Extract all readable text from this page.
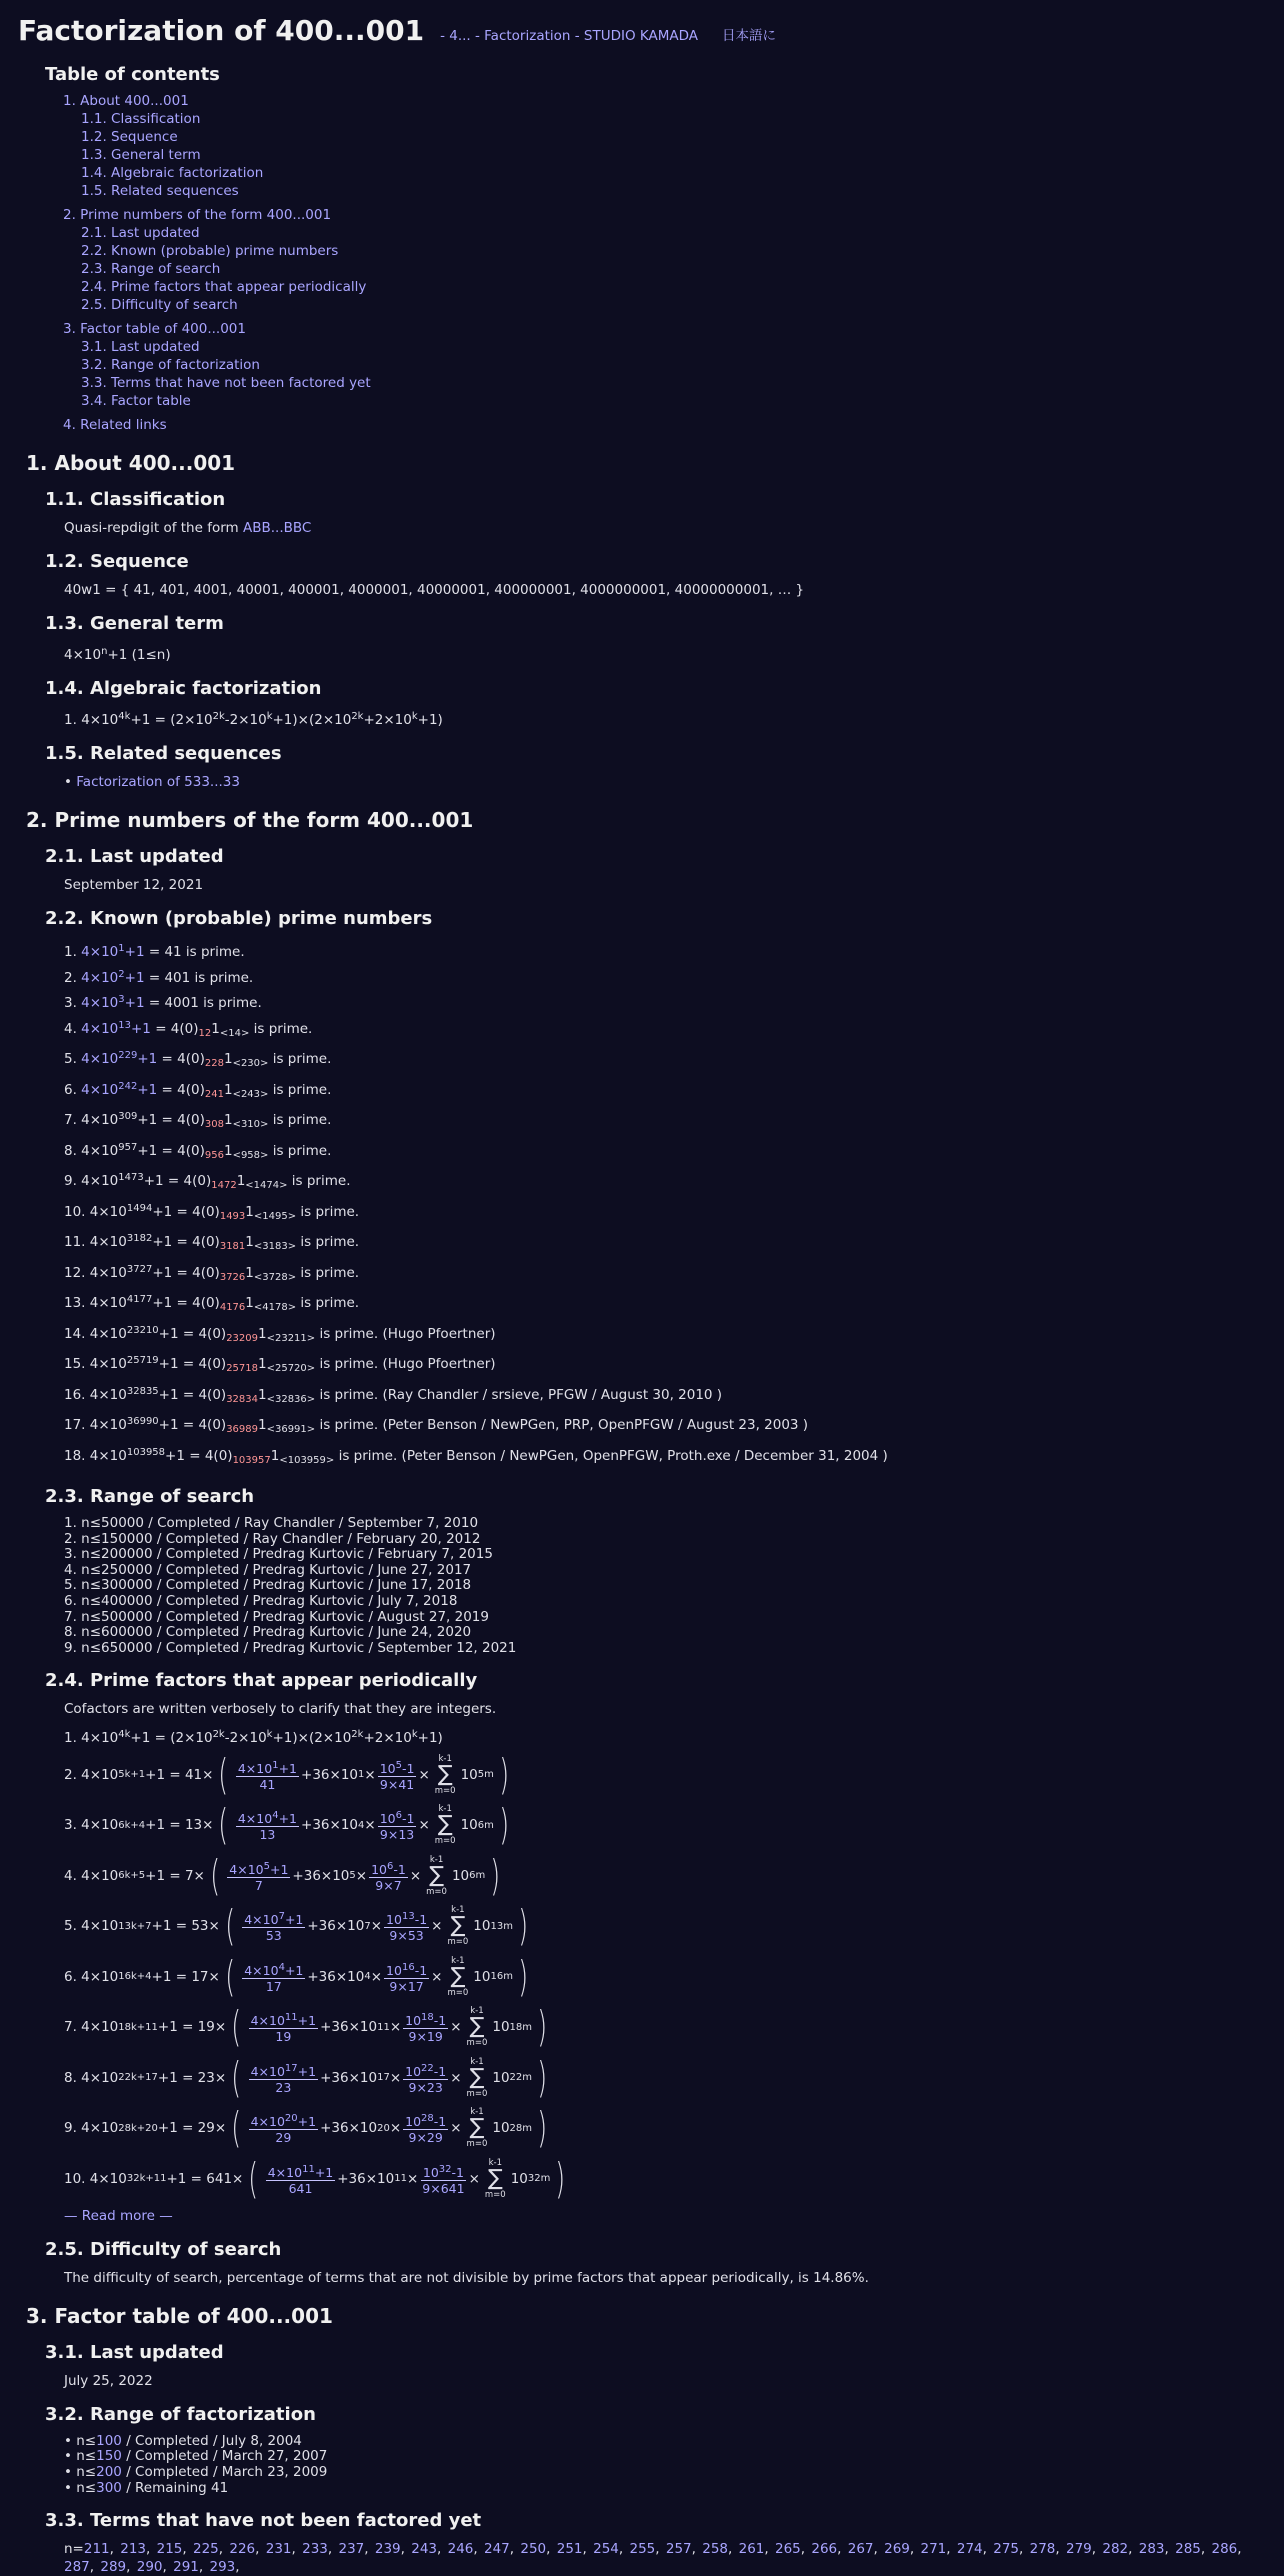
Factorization of 400...001 - 4... - Factorization - STUDIO KAMADA 日本語に
Table of contents
1. About 400...001
1.1. Classification
1.2. Sequence
1.3. General term
1.4. Algebraic factorization
1.5. Related sequences
2. Prime numbers of the form 400...001
2.1. Last updated
2.2. Known (probable) prime numbers
2.3. Range of search
2.4. Prime factors that appear periodically
2.5. Difficulty of search
3. Factor table of 400...001
3.1. Last updated
3.2. Range of factorization
3.3. Terms that have not been factored yet
3.4. Factor table
4. Related links
1. About 400...001
1.1. Classification
Quasi-repdigit of the form ABB...BBC
1.2. Sequence
40w1 = { 41, 401, 4001, 40001, 400001, 4000001, 40000001, 400000001, 4000000001, 40000000001, … }
1.3. General term
$4\times 10^n+1$ (1≤n)
1.4. Algebraic factorization
1. $4\times 10^{4k}+1 = (2\times 10^{2k}-2\times 10^k+1)\times(2\times 10^{2k}+2\times 10^k+1)$
1.5. Related sequences
• Factorization of 533...33
2. Prime numbers of the form 400...001
2.1. Last updated
September 12, 2021
2.2. Known (probable) prime numbers
1. $4\times 10^1+1 = 41$ is prime.
2. $4\times 10^2+1 = 401$ is prime.
3. $4\times 10^3+1 = 4001$ is prime.
4. $4\times 10^{13}+1 = 4(0)_{12}1_{<14>}$ is prime.
5. $4\times 10^{229}+1 = 4(0)_{228}1_{<230>}$ is prime.
6. $4\times 10^{242}+1 = 4(0)_{241}1_{<243>}$ is prime.
7. $4\times 10^{309}+1 = 4(0)_{308}1_{<310>}$ is prime.
8. $4\times 10^{957}+1 = 4(0)_{956}1_{<958>}$ is prime.
9. $4\times 10^{1473}+1 = 4(0)_{1472}1_{<1474>}$ is prime.
10. $4\times 10^{1494}+1 = 4(0)_{1493}1_{<1495>}$ is prime.
11. $4\times 10^{3182}+1 = 4(0)_{3181}1_{<3183>}$ is prime.
12. $4\times 10^{3727}+1 = 4(0)_{3726}1_{<3728>}$ is prime.
13. $4\times 10^{4177}+1 = 4(0)_{4176}1_{<4178>}$ is prime.
14. $4\times 10^{23210}+1 = 4(0)_{23209}1_{<23211>}$ is prime. (Hugo Pfoertner)
15. $4\times 10^{25719}+1 = 4(0)_{25718}1_{<25720>}$ is prime. (Hugo Pfoertner)
16. $4\times 10^{32835}+1 = 4(0)_{32834}1_{<32836>}$ is prime. (Ray Chandler / srsieve, PFGW / August 30, 2010 )
17. $4\times 10^{36990}+1 = 4(0)_{36989}1_{<36991>}$ is prime. (Peter Benson / NewPGen, PRP, OpenPFGW / August 23, 2003 )
18. $4\times 10^{103958}+1 = 4(0)_{103957}1_{<103959>}$ is prime. (Peter Benson / NewPGen, OpenPFGW, Proth.exe / December 31, 2004 )
2.3. Range of search
1. n≤50000 / Completed / Ray Chandler / September 7, 2010
2. n≤150000 / Completed / Ray Chandler / February 20, 2012
3. n≤200000 / Completed / Predrag Kurtovic / February 7, 2015
4. n≤250000 / Completed / Predrag Kurtovic / June 27, 2017
5. n≤300000 / Completed / Predrag Kurtovic / June 17, 2018
6. n≤400000 / Completed / Predrag Kurtovic / July 7, 2018
7. n≤500000 / Completed / Predrag Kurtovic / August 27, 2019
8. n≤600000 / Completed / Predrag Kurtovic / June 24, 2020
9. n≤650000 / Completed / Predrag Kurtovic / September 12, 2021
2.4. Prime factors that appear periodically
Cofactors are written verbosely to clarify that they are integers.
1. $4\times 10^{4k}+1 = (2\times 10^{2k}-2\times 10^k+1)\times(2\times 10^{2k}+2\times 10^k+1)$
2. 4×10 5k+1 +1 = 41× ( $\frac{4\times 10^1+1}{41} +36\times 10$ $1 \times \frac{10^5-1}{9\times 41}$ ×
k-1
∑
m=0
10 5m )
3. 4×10 6k+4 +1 = 13× ( $\frac{4\times 10^4+1}{13} +36\times 10$ $4 \times \frac{10^6-1}{9\times 13}$ ×
k-1
∑
m=0
10 6m )
4. 4×10 6k+5 +1 = 7× ( $\frac{4\times 10^5+1}{7} +36\times 10$ $5 \times \frac{10^6-1}{9\times 7}$ ×
k-1
∑
m=0
10 6m )
5. 4×10 13k+7 +1 = 53× ( $\frac{4\times 10^7+1}{53} +36\times 10$ $7 \times \frac{10^{13}-1}{9\times 53}$ ×
k-1
∑
m=0
10 13m )
6. 4×10 16k+4 +1 = 17× ( $\frac{4\times 10^4+1}{17} +36\times 10$ $4 \times \frac{10^{16}-1}{9\times 17}$ ×
k-1
∑
m=0
10 16m )
7. 4×10 18k+11 +1 = 19× ( $\frac{4\times 10^{11}+1}{19} +36\times 10$ $11 \times \frac{10^{18}-1}{9\times 19}$ ×
k-1
∑
m=0
10 18m )
8. 4×10 22k+17 +1 = 23× ( $\frac{4\times 10^{17}+1}{23} +36\times 10$ $17 \times \frac{10^{22}-1}{9\times 23}$ ×
k-1
∑
m=0
10 22m )
9. 4×10 28k+20 +1 = 29× ( $\frac{4\times 10^{20}+1}{29} +36\times 10$ $20 \times \frac{10^{28}-1}{9\times 29}$ ×
k-1
∑
m=0
10 28m )
10. 4×10 32k+11 +1 = 641× ( $\frac{4\times 10^{11}+1}{641} +36\times 10$ $11 \times \frac{10^{32}-1}{9\times 641}$ ×
k-1
∑
m=0
10 32m )
— Read more —
2.5. Difficulty of search
The difficulty of search, percentage of terms that are not divisible by prime factors that appear periodically, is 14.86%.
3. Factor table of 400...001
3.1. Last updated
July 25, 2022
3.2. Range of factorization
• n≤100 / Completed / July 8, 2004
• n≤150 / Completed / March 27, 2007
• n≤200 / Completed / March 23, 2009
• n≤300 / Remaining 41
3.3. Terms that have not been factored yet
n=211, 213, 215, 225, 226, 231, 233, 237, 239, 243, 246, 247, 250, 251, 254, 255, 257, 258, 261, 265, 266, 267, 269, 271, 274, 275, 278, 279, 282, 283, 285, 286, 287, 289, 290, 291, 293,
